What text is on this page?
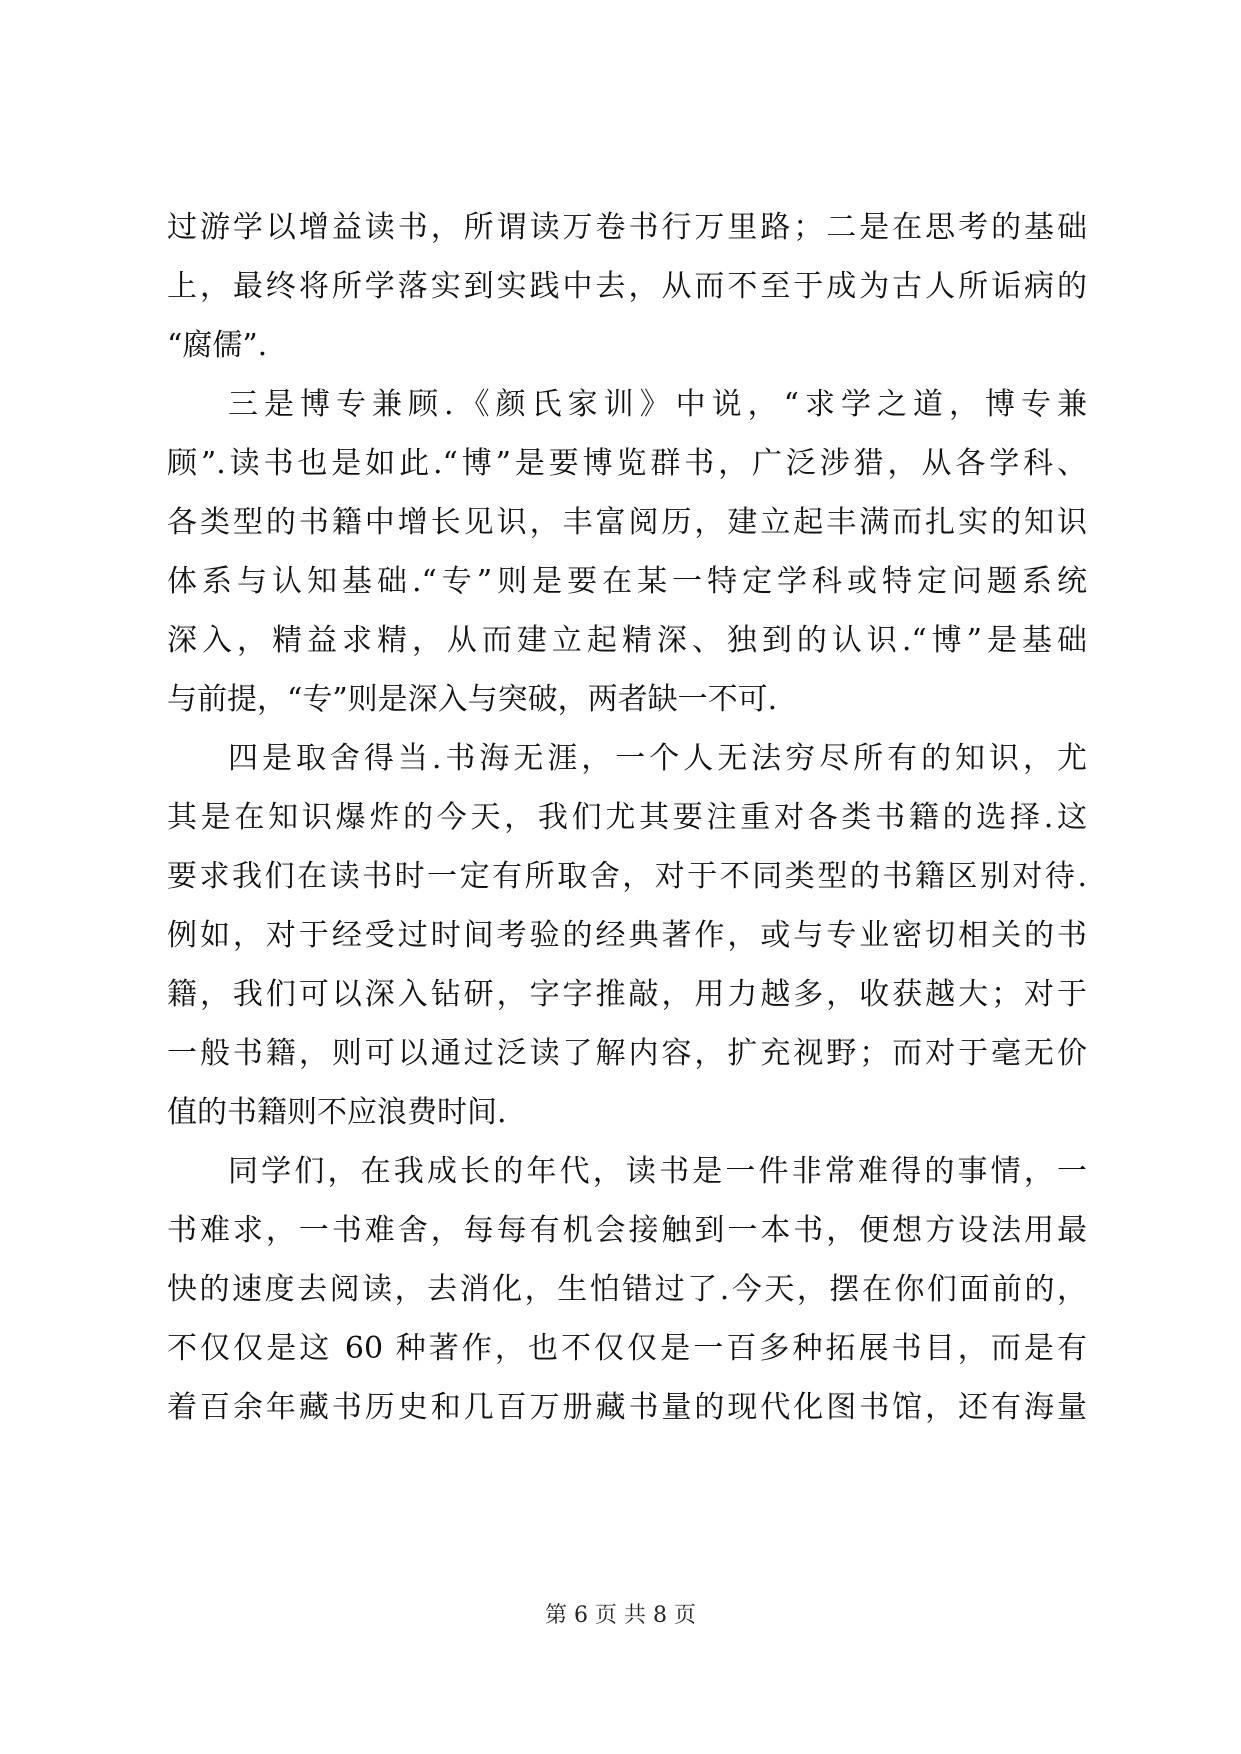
过游学以增益读书，所谓读万卷书行万里路；二是在思考的基础
上，最终将所学落实到实践中去，从而不至于成为古人所诟病的
“腐儒”.
三是博专兼顾.《颜氏家训》中说，“求学之道，博专兼
顾”.读书也是如此.“博”是要博览群书，广泛涉猎，从各学科、
各类型的书籍中增长见识，丰富阅历，建立起丰满而扎实的知识
体系与认知基础.“专”则是要在某一特定学科或特定问题系统
深入，精益求精，从而建立起精深、独到的认识.“博”是基础
与前提，“专”则是深入与突破，两者缺一不可.
四是取舍得当.书海无涯，一个人无法穷尽所有的知识，尤
其是在知识爆炸的今天，我们尤其要注重对各类书籍的选择.这
要求我们在读书时一定有所取舍，对于不同类型的书籍区别对待.
例如，对于经受过时间考验的经典著作，或与专业密切相关的书
籍，我们可以深入钻研，字字推敲，用力越多，收获越大；对于
一般书籍，则可以通过泛读了解内容，扩充视野；而对于毫无价
值的书籍则不应浪费时间.
同学们，在我成长的年代，读书是一件非常难得的事情，一
书难求，一书难舍，每每有机会接触到一本书，便想方设法用最
快的速度去阅读，去消化，生怕错过了.今天，摆在你们面前的，
不仅仅是这 60 种著作，也不仅仅是一百多种拓展书目，而是有
着百余年藏书历史和几百万册藏书量的现代化图书馆，还有海量
第 6 页 共 8 页
